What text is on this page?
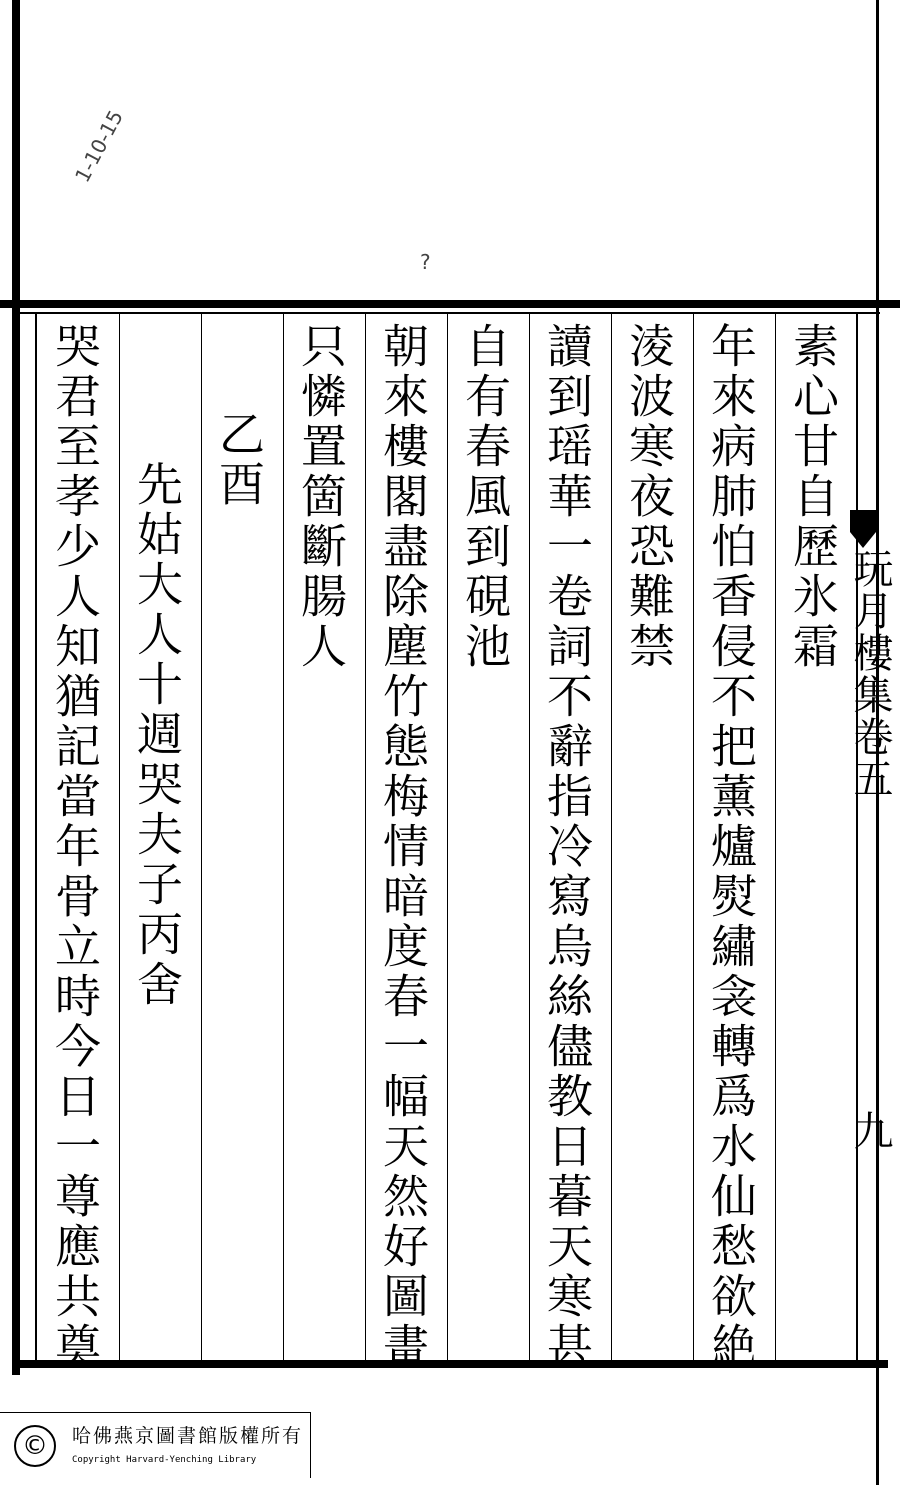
1-10-15
?
素心甘自歷氷霜
年來病肺怕香侵不把薰爐熨繡衾轉爲水仙愁欲絶
淩波寒夜恐難禁
讀到瑶華一卷詞不辭指冷寫烏絲儘教日暮天寒甚
自有春風到硯池
朝來樓閣盡除塵竹態梅情暗度春一幅天然好圖畫
只憐置箇斷腸人
乙酉
先姑大人十週哭夫子丙舍
哭君至孝少人知猶記當年骨立時今日一尊應共奠	玩月樓集卷五
九
©	哈佛燕京圖書館版權所有
Copyright Harvard-Yenching Library
